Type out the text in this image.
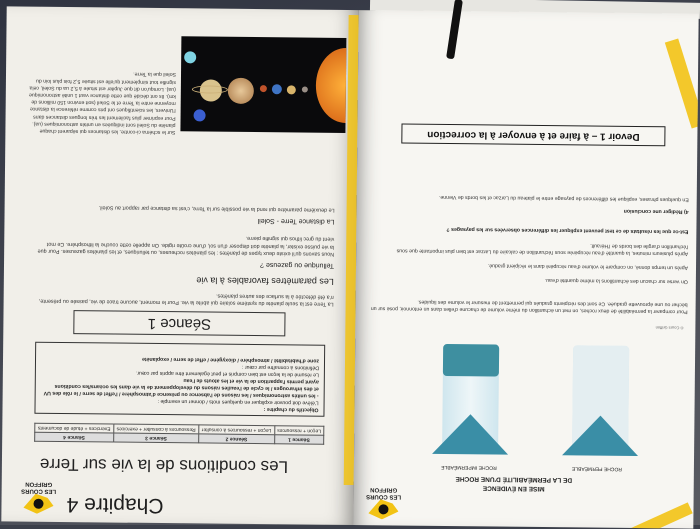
Chapitre 4
LES COURS GRIFFON
Les conditions de la vie sur Terre
Séance 1	Séance 2	Séance 3	Séance 4
Leçon + ressources	Leçon + ressources à consulter	Ressources à consulter + exercices	Exercices + étude de documents
Objectifs du chapitre :
L'élève doit pouvoir expliquer en quelques mots / donner un exemple :
- les unités astronomiques / les raisons de l'absence ou présence d'atmosphère / l'effet de serre / le rôle des UV et des infrarouges / le cycle de l'eau/les raisons du développement de la vie dans les océans/les conditions ayant permis l'apparition de la vie et les atouts de l'eau
Le résumé de la leçon est bien compris et peut également être appris par cœur.
Définitions à connaître par cœur :
zone d'habitabilité / atmosphère / dioxygène / effet de serre / exoplanète
Séance 1
La Terre est la seule planète du système solaire qui abrite la vie. Pour le moment, aucune trace de vie, passée ou présente, n'a été détectée à la surface des autres planètes.
Les paramètres favorables à la vie
Tellurique ou gazeuse ?
Nous savons qu'il existe deux types de planètes : les planètes rocheuses, ou telluriques, et les planètes gazeuses. Pour que la vie puisse exister, la planète doit disposer d'un sol, d'une croûte rigide. On appelle cette couche la lithosphère. Ce mot vient du grec lithos qui signifie pierre.
La distance Terre - Soleil
Le deuxième paramètre qui rend la vie possible sur la Terre, c'est sa distance par rapport au Soleil.
Sur le schéma ci-contre, les distances qui séparent chaque planète du Soleil sont indiquées en unités astronomiques (ua). Pour exprimer plus facilement les très longues distances dans l'Univers, les scientifiques ont pris comme référence la distance moyenne entre la Terre et le Soleil (soit environ 150 millions de km). Ils ont décidé que cette distance vaut 1 unité astronomique (ua). Lorsqu'on dit que Jupiter est située à 5,2 ua du Soleil, cela signifie tout simplement qu'elle est située 5,2 fois plus loin du Soleil que la Terre.
LES COURS GRIFFON	MISE EN ÉVIDENCE
DE LA PERMÉABILITÉ D'UNE ROCHE
ROCHE IMPERMÉABLE	ROCHE PERMÉABLE
© Cours Griffon
Pour comparer la perméabilité de deux roches, on met un échantillon du même volume de chacune d'elles dans un entonnoir, posé sur un bécher ou une éprouvette graduée. Ce sont des récipients gradués qui permettent de mesurer le volume des liquides.
On verse sur chacun des échantillons la même quantité d'eau.
Après un temps donné, on compare le volume d'eau récupéré dans le récipient gradué.
Après plusieurs minutes, la quantité d'eau récupérée sous l'échantillon de calcaire du Larzac est bien plus importante que sous l'échantillon d'argile des bords de l'Hérault.
Est-ce que les résultats de ce test peuvent expliquer les différences observées sur les paysages ?
4) Rédiger une conclusion
En quelques phrases, explique les différences de paysage entre le plateau du Larzac et les bords de Vienne.
Devoir 1 – à faire et à envoyer à la correction
